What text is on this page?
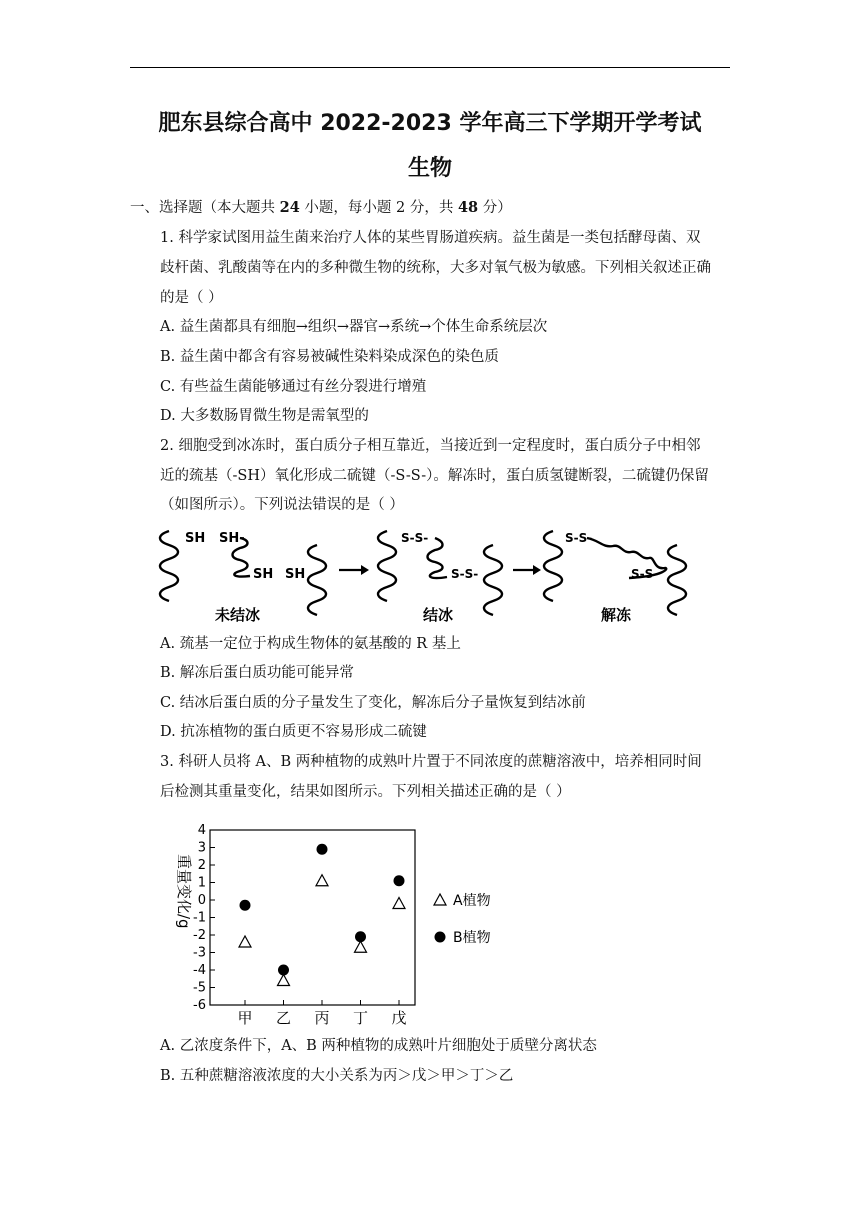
肥东县综合高中 2022-2023 学年高三下学期开学考试
生物
一、选择题（本大题共 24 小题，每小题 2 分，共 48 分）
1. 科学家试图用益生菌来治疗人体的某些胃肠道疾病。益生菌是一类包括酵母菌、双
歧杆菌、乳酸菌等在内的多种微生物的统称，大多对氧气极为敏感。下列相关叙述正确
的是（ ）
A. 益生菌都具有细胞→组织→器官→系统→个体生命系统层次
B. 益生菌中都含有容易被碱性染料染成深色的染色质
C. 有些益生菌能够通过有丝分裂进行增殖
D. 大多数肠胃微生物是需氧型的
2. 细胞受到冰冻时，蛋白质分子相互靠近，当接近到一定程度时，蛋白质分子中相邻
近的巯基（-SH）氧化形成二硫键（-S-S-）。解冻时，蛋白质氢键断裂，二硫键仍保留
（如图所示）。下列说法错误的是（ ）
SH SH-
SH SH
S-S-
S-S-
S-S-
S-S
未结冰	结冰	解冻
A. 巯基一定位于构成生物体的氨基酸的 R 基上
B. 解冻后蛋白质功能可能异常
C. 结冰后蛋白质的分子量发生了变化，解冻后分子量恢复到结冰前
D. 抗冻植物的蛋白质更不容易形成二硫键
3. 科研人员将 A、B 两种植物的成熟叶片置于不同浓度的蔗糖溶液中，培养相同时间
后检测其重量变化，结果如图所示。下列相关描述正确的是（ ）
4
3
2
1
0
-1
-2
-3
-4
-5
-6
甲 乙 丙 丁 戊
重量变化/g	A植物
B植物
A. 乙浓度条件下，A、B 两种植物的成熟叶片细胞处于质壁分离状态
B. 五种蔗糖溶液浓度的大小关系为丙＞戊＞甲＞丁＞乙
